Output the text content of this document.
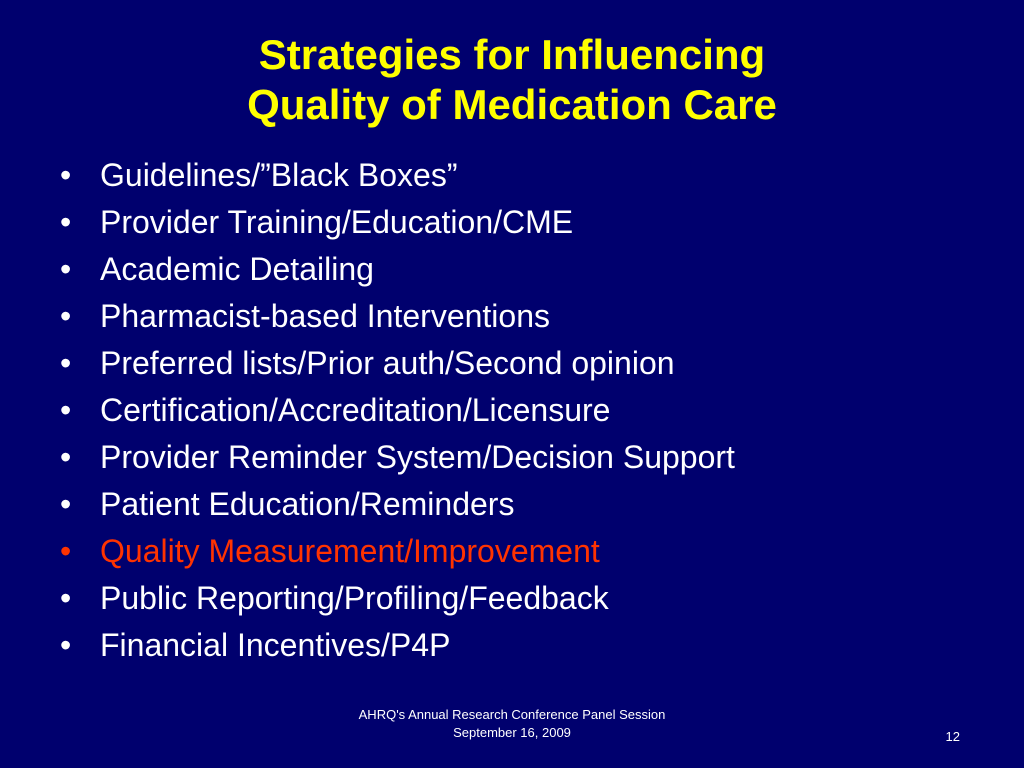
Strategies for Influencing
Quality of Medication Care
• Guidelines/”Black Boxes”
• Provider Training/Education/CME
• Academic Detailing
• Pharmacist-based Interventions
• Preferred lists/Prior auth/Second opinion
• Certification/Accreditation/Licensure
• Provider Reminder System/Decision Support
• Patient Education/Reminders
• Quality Measurement/Improvement
• Public Reporting/Profiling/Feedback
• Financial Incentives/P4P
AHRQ's Annual Research Conference Panel Session
September 16, 2009	12
